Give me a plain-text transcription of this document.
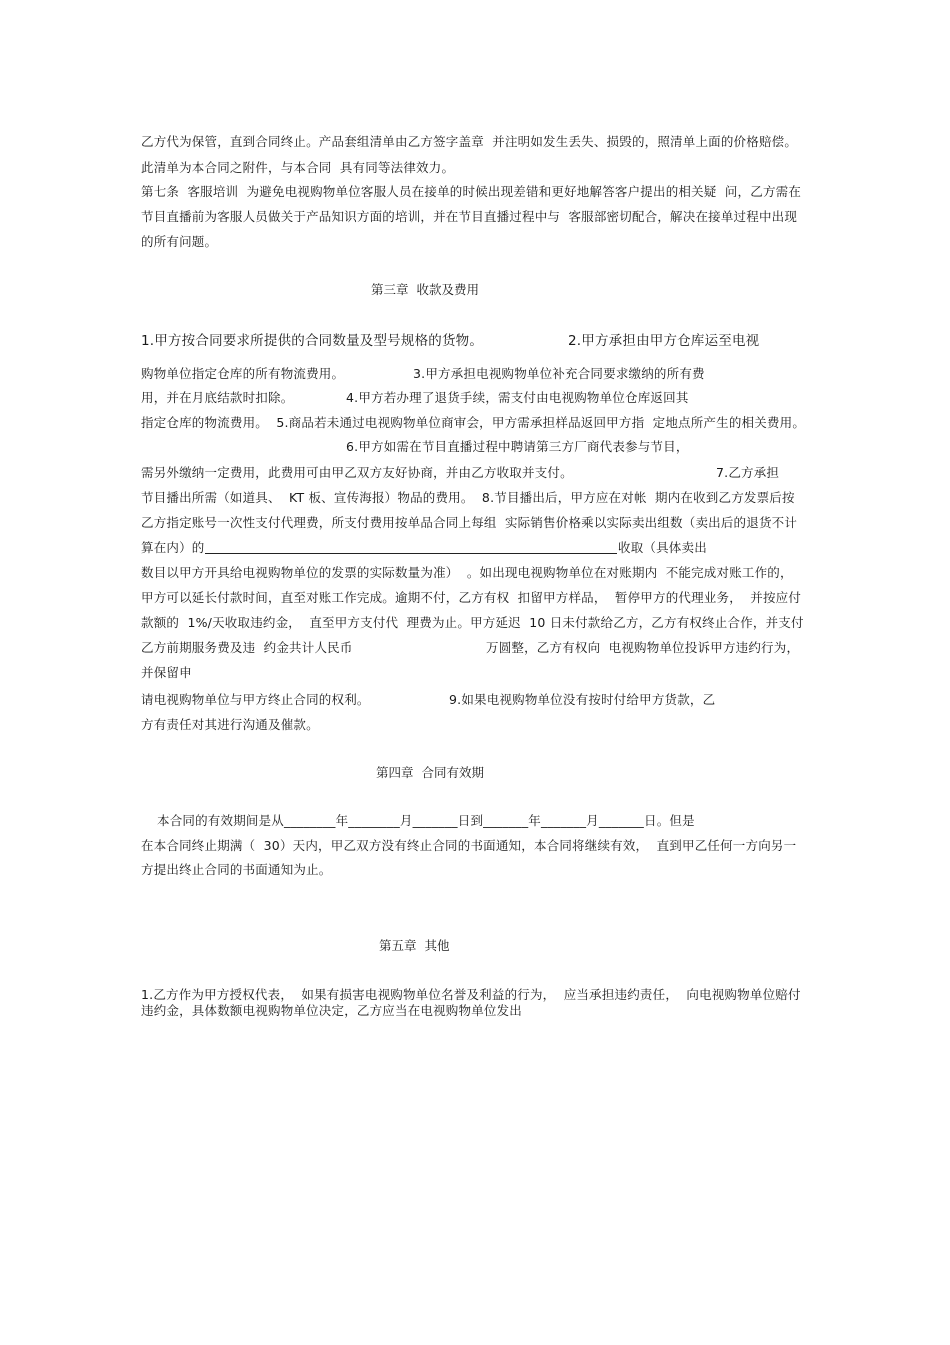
乙方代为保管，直到合同终止。产品套组清单由乙方签字盖章  并注明如发生丢失、损毁的，照清单上面的价格赔偿。
此清单为本合同之附件，与本合同  具有同等法律效力。
第七条  客服培训  为避免电视购物单位客服人员在接单的时候出现差错和更好地解答客户提出的相关疑  问，乙方需在
节目直播前为客服人员做关于产品知识方面的培训，并在节目直播过程中与  客服部密切配合，解决在接单过程中出现
的所有问题。
第三章  收款及费用
1.甲方按合同要求所提供的合同数量及型号规格的货物。	2.甲方承担由甲方仓库运至电视
购物单位指定仓库的所有物流费用。	3.甲方承担电视购物单位补充合同要求缴纳的所有费
用，并在月底结款时扣除。	4.甲方若办理了退货手续，需支付由电视购物单位仓库返回其
指定仓库的物流费用。  5.商品若未通过电视购物单位商审会，甲方需承担样品返回甲方指  定地点所产生的相关费用。
6.甲方如需在节目直播过程中聘请第三方厂商代表参与节目，
需另外缴纳一定费用，此费用可由甲乙双方友好协商，并由乙方收取并支付。	7.乙方承担
节目播出所需（如道具、  KT 板、宣传海报）物品的费用。  8.节目播出后，甲方应在对帐  期内在收到乙方发票后按
乙方指定账号一次性支付代理费，所支付费用按单品合同上每组  实际销售价格乘以实际卖出组数（卖出后的退货不计
算在内）的	收取（具体卖出
数目以甲方开具给电视购物单位的发票的实际数量为准）  。如出现电视购物单位在对账期内  不能完成对账工作的，
甲方可以延长付款时间，直至对账工作完成。逾期不付，乙方有权  扣留甲方样品，  暂停甲方的代理业务，  并按应付
款额的  1%/天收取违约金，  直至甲方支付代  理费为止。甲方延迟  10 日未付款给乙方，乙方有权终止合作，并支付
乙方前期服务费及违  约金共计人民币	万圆整，乙方有权向  电视购物单位投诉甲方违约行为，
并保留申
请电视购物单位与甲方终止合同的权利。	9.如果电视购物单位没有按时付给甲方货款，乙
方有责任对其进行沟通及催款。
第四章  合同有效期
本合同的有效期间是从________年________月_______日到_______年_______月_______日。但是
在本合同终止期满（  30）天内，甲乙双方没有终止合同的书面通知，本合同将继续有效，  直到甲乙任何一方向另一
方提出终止合同的书面通知为止。
第五章  其他
1.乙方作为甲方授权代表，  如果有损害电视购物单位名誉及利益的行为，  应当承担违约责任，  向电视购物单位赔付
违约金，具体数额电视购物单位决定，乙方应当在电视购物单位发出
